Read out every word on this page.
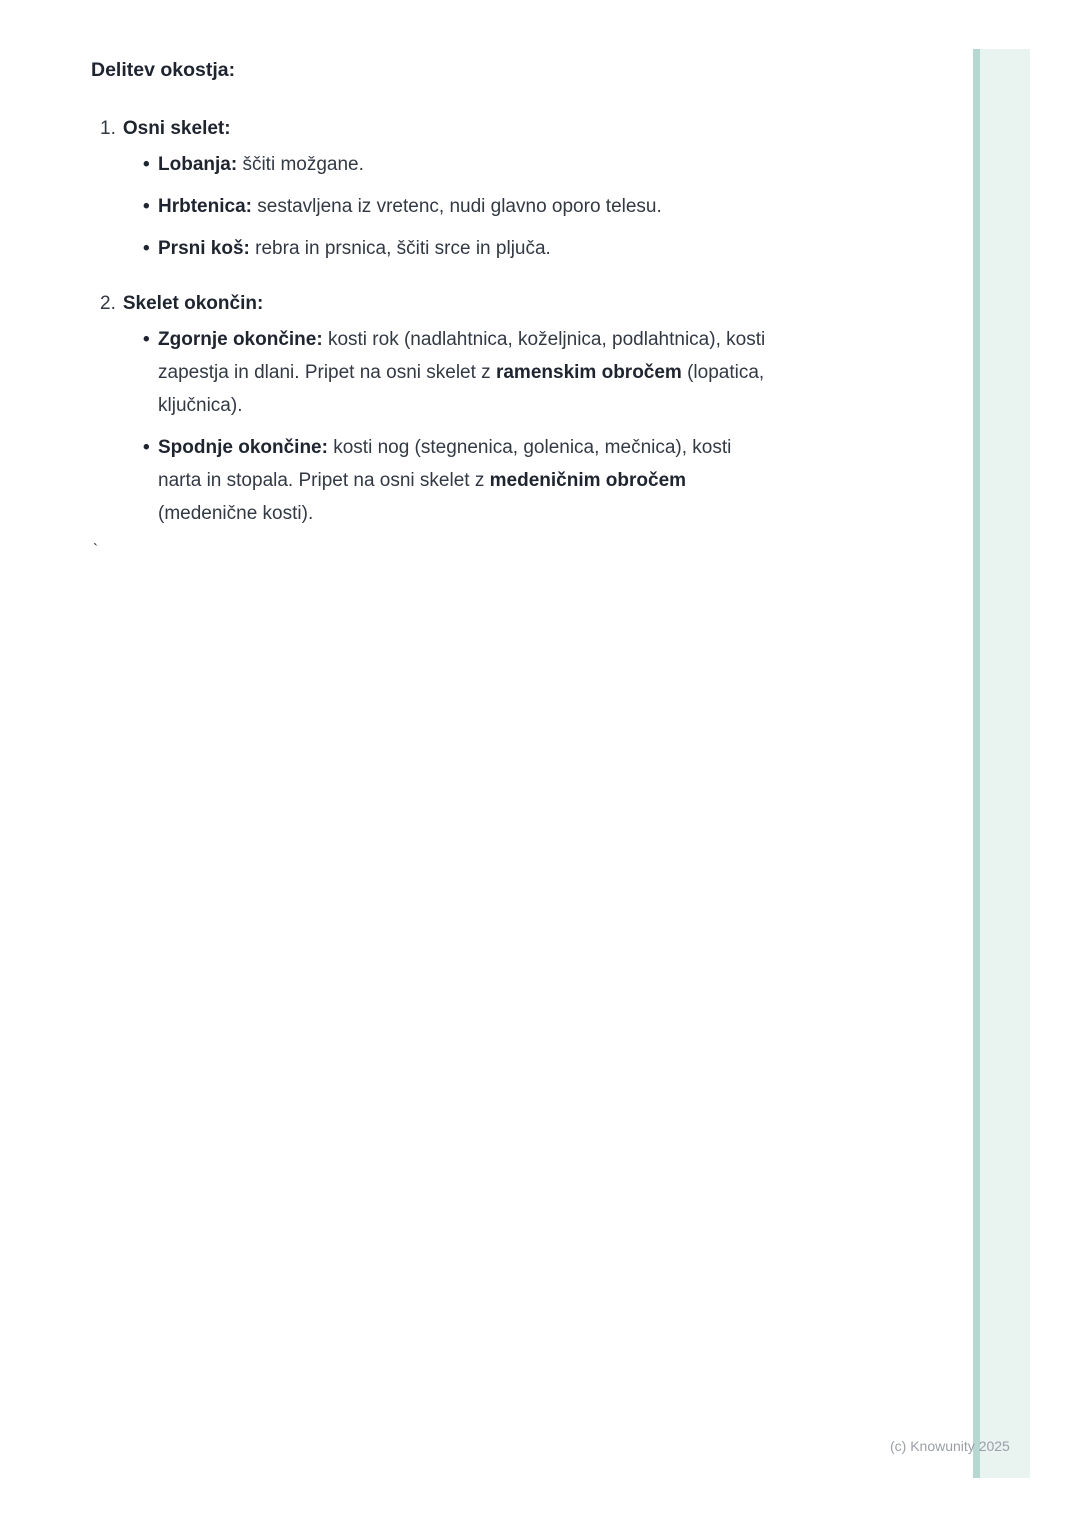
Delitev okostja:
1. Osni skelet:
• Lobanja: ščiti možgane.
• Hrbtenica: sestavljena iz vretenc, nudi glavno oporo telesu.
• Prsni koš: rebra in prsnica, ščiti srce in pljuča.
2. Skelet okončin:
• Zgornje okončine: kosti rok (nadlahtnica, koželjnica, podlahtnica), kosti
zapestja in dlani. Pripet na osni skelet z ramenskim obročem (lopatica,
ključnica).
• Spodnje okončine: kosti nog (stegnenica, golenica, mečnica), kosti
narta in stopala. Pripet na osni skelet z medeničnim obročem
(medenične kosti).
`
(c) Knowunity 2025
